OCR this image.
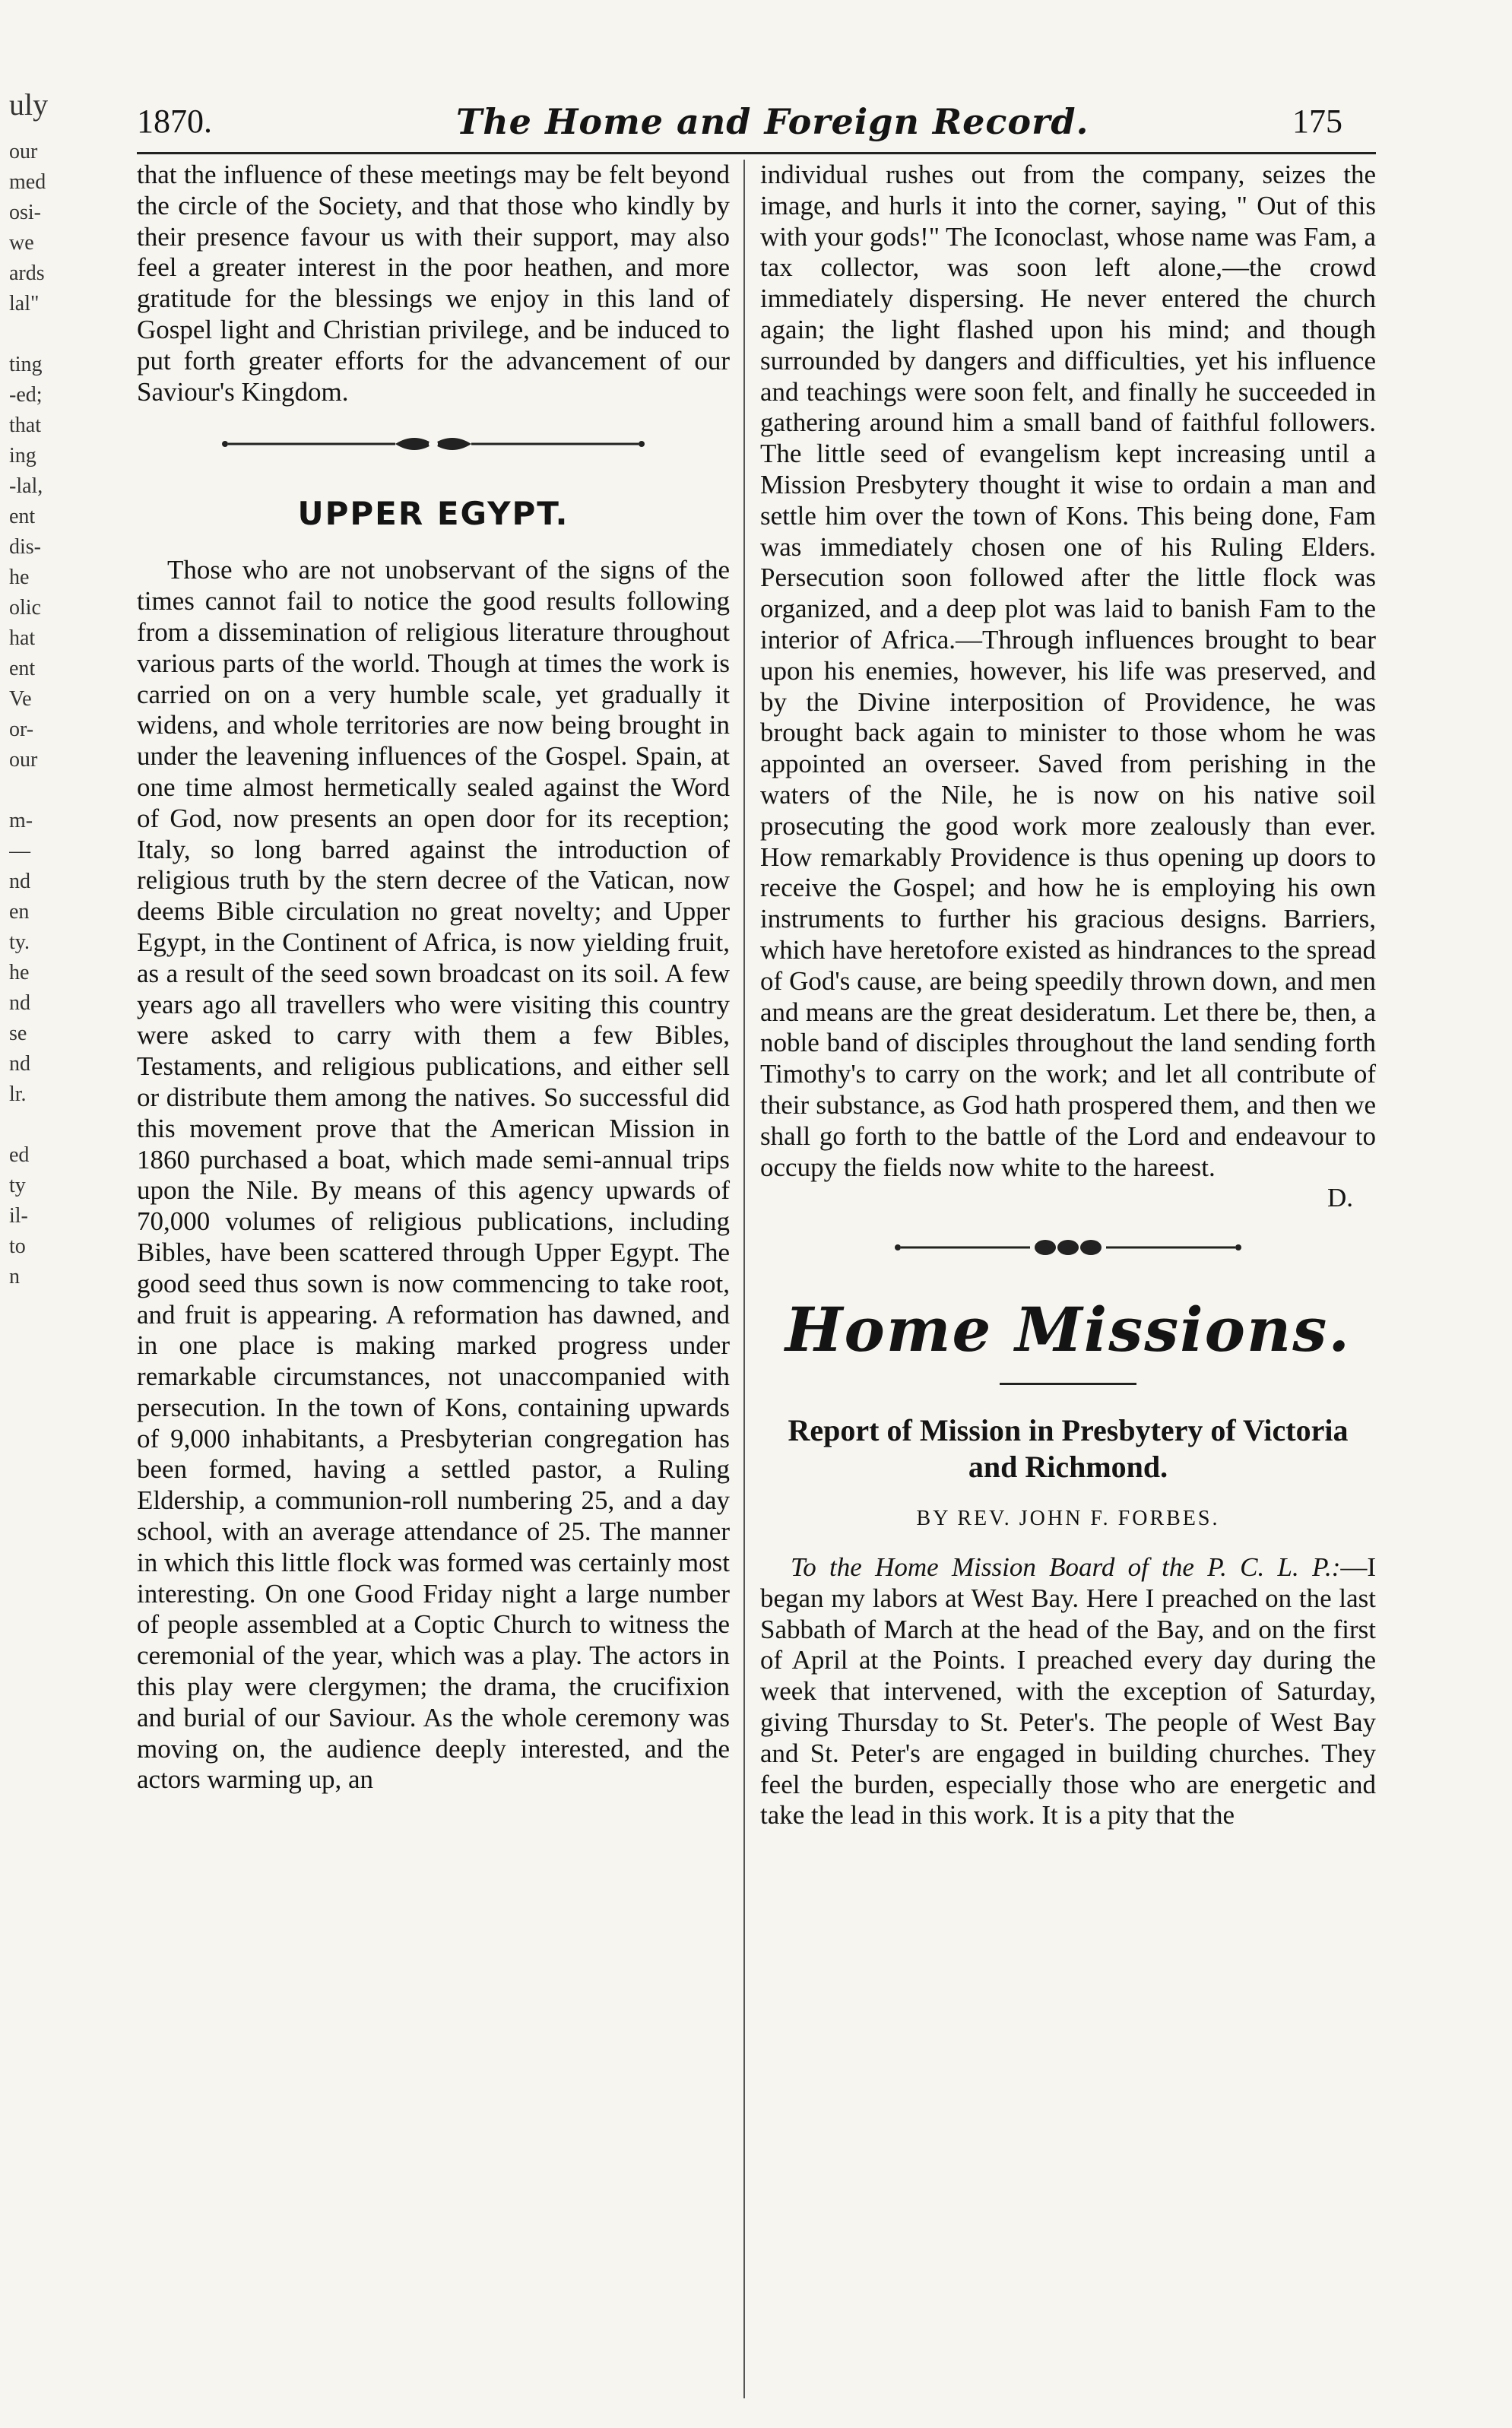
1870.	The Home and Foreign Record.	175
uly
our
med
osi-
we
ards
lal"
ting
-ed;
that
ing
-lal,
ent
dis-
he
olic
hat
ent
Ve
or-
our
m-
—
nd
en
ty.
he
nd
se
nd
lr.
ed
ty
il-
to
n

that the influence of these meetings may be felt beyond the circle of the Society, and that those who kindly by their presence favour us with their support, may also feel a greater interest in the poor heathen, and more gratitude for the blessings we enjoy in this land of Gospel light and Christian privilege, and be induced to put forth greater efforts for the advancement of our Saviour's Kingdom.

UPPER EGYPT.

Those who are not unobservant of the signs of the times cannot fail to notice the good results following from a dissemination of religious literature throughout various parts of the world. Though at times the work is carried on on a very humble scale, yet gradually it widens, and whole territories are now being brought in under the leavening influences of the Gospel. Spain, at one time almost hermetically sealed against the Word of God, now presents an open door for its reception; Italy, so long barred against the introduction of religious truth by the stern decree of the Vatican, now deems Bible circulation no great novelty; and Upper Egypt, in the Continent of Africa, is now yielding fruit, as a result of the seed sown broadcast on its soil. A few years ago all travellers who were visiting this country were asked to carry with them a few Bibles, Testaments, and religious publications, and either sell or distribute them among the natives. So successful did this movement prove that the American Mission in 1860 purchased a boat, which made semi-annual trips upon the Nile. By means of this agency upwards of 70,000 volumes of religious publications, including Bibles, have been scattered through Upper Egypt. The good seed thus sown is now commencing to take root, and fruit is appearing. A reformation has dawned, and in one place is making marked progress under remarkable circumstances, not unaccompanied with persecution. In the town of Kons, containing upwards of 9,000 inhabitants, a Presbyterian congregation has been formed, having a settled pastor, a Ruling Eldership, a communion-roll numbering 25, and a day school, with an average attendance of 25. The manner in which this little flock was formed was certainly most interesting. On one Good Friday night a large number of people assembled at a Coptic Church to witness the ceremonial of the year, which was a play. The actors in this play were clergymen; the drama, the crucifixion and burial of our Saviour. As the whole ceremony was moving on, the audience deeply interested, and the actors warming up, an

individual rushes out from the company, seizes the image, and hurls it into the corner, saying, " Out of this with your gods!" The Iconoclast, whose name was Fam, a tax collector, was soon left alone,—the crowd immediately dispersing. He never entered the church again; the light flashed upon his mind; and though surrounded by dangers and difficulties, yet his influence and teachings were soon felt, and finally he succeeded in gathering around him a small band of faithful followers. The little seed of evangelism kept increasing until a Mission Presbytery thought it wise to ordain a man and settle him over the town of Kons. This being done, Fam was immediately chosen one of his Ruling Elders. Persecution soon followed after the little flock was organized, and a deep plot was laid to banish Fam to the interior of Africa.—Through influences brought to bear upon his enemies, however, his life was preserved, and by the Divine interposition of Providence, he was brought back again to minister to those whom he was appointed an overseer. Saved from perishing in the waters of the Nile, he is now on his native soil prosecuting the good work more zealously than ever. How remarkably Providence is thus opening up doors to receive the Gospel; and how he is employing his own instruments to further his gracious designs. Barriers, which have heretofore existed as hindrances to the spread of God's cause, are being speedily thrown down, and men and means are the great desideratum. Let there be, then, a noble band of disciples throughout the land sending forth Timothy's to carry on the work; and let all contribute of their substance, as God hath prospered them, and then we shall go forth to the battle of the Lord and endeavour to occupy the fields now white to the hareest.

D.

Home Missions.
Report of Mission in Presbytery of Victoria and Richmond.
BY REV. JOHN F. FORBES.

To the Home Mission Board of the P. C. L. P.:—I began my labors at West Bay. Here I preached on the last Sabbath of March at the head of the Bay, and on the first of April at the Points. I preached every day during the week that intervened, with the exception of Saturday, giving Thursday to St. Peter's. The people of West Bay and St. Peter's are engaged in building churches. They feel the burden, especially those who are energetic and take the lead in this work. It is a pity that the
